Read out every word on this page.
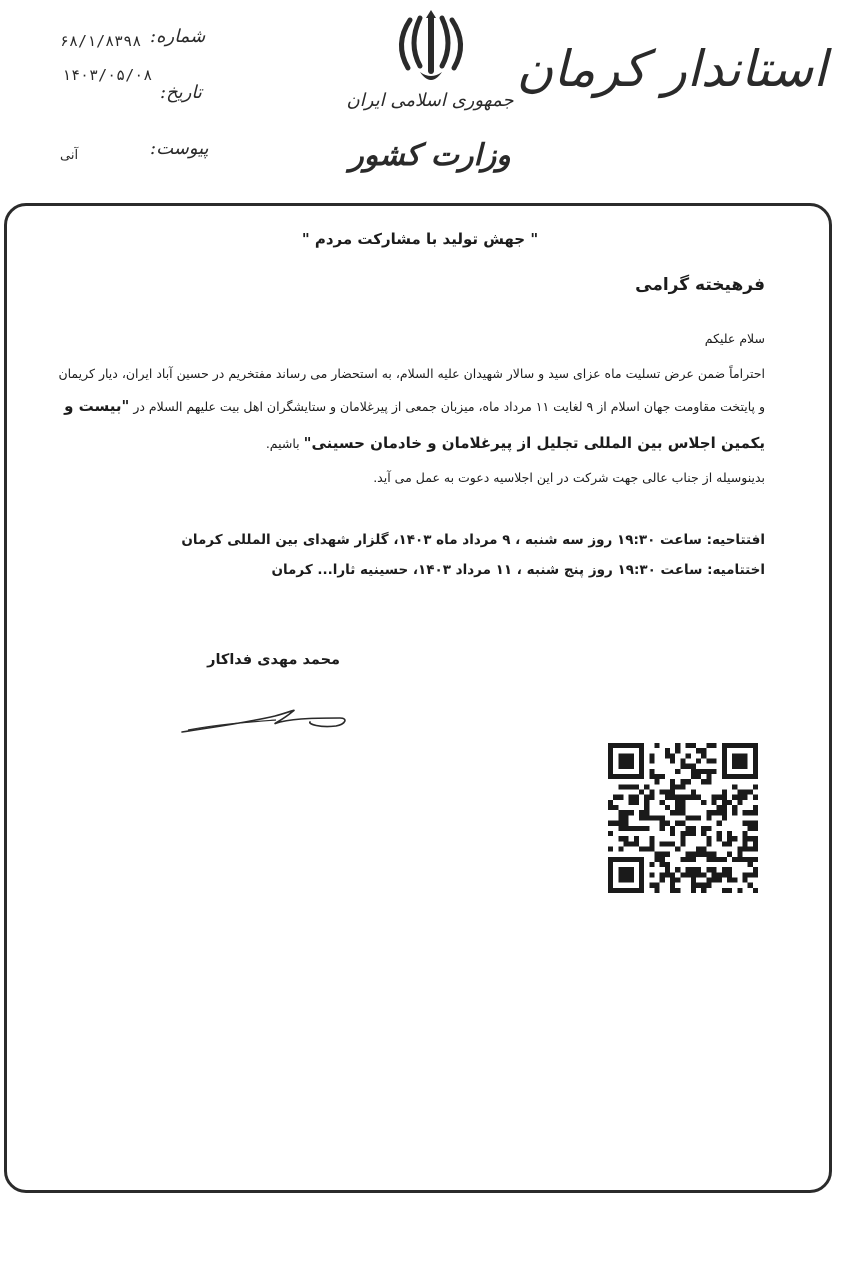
استاندار کرمان
جمهوری اسلامی ایران
وزارت کشور
شماره:
۶۸/۱/۸۳۹۸
تاریخ:
۱۴۰۳/۰۵/۰۸
پیوست:
آنی
" جهش تولید با مشارکت مردم "
فرهیخته گرامی
سلام علیکم
احتراماً ضمن عرض تسلیت ماه عزای سید و سالار شهیدان علیه السلام، به استحضار می رساند مفتخریم در حسین آباد ایران، دیار کریمان
و پایتخت مقاومت جهان اسلام از ۹ لغایت ۱۱ مرداد ماه، میزبان جمعی از پیرغلامان و ستایشگران اهل بیت علیهم السلام در "بیست و
یکمین اجلاس بین المللی تجلیل از پیرغلامان و خادمان حسینی" باشیم.
بدینوسیله از جناب عالی جهت شرکت در این اجلاسیه دعوت به عمل می آید.
افتتاحیه: ساعت ۱۹:۳۰ روز سه شنبه ، ۹ مرداد ماه ۱۴۰۳، گلزار شهدای بین المللی کرمان
اختتامیه: ساعت ۱۹:۳۰ روز پنج شنبه ، ۱۱ مرداد ۱۴۰۳، حسینیه ثارا... کرمان
محمد مهدی فداکار
